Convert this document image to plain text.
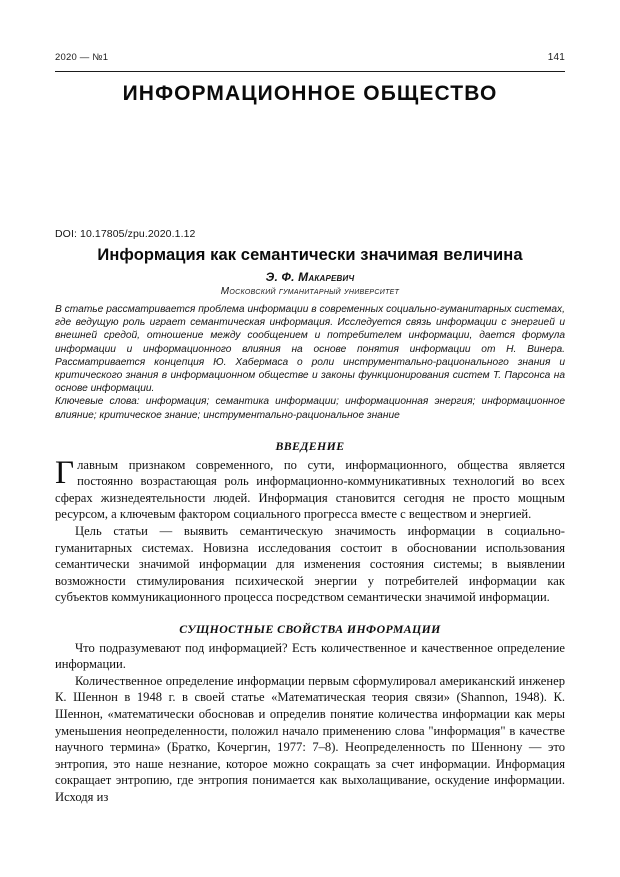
2020 — №1	141
ИНФОРМАЦИОННОЕ ОБЩЕСТВО
DOI: 10.17805/zpu.2020.1.12
Информация как семантически значимая величина
Э. Ф. Макаревич
Московский гуманитарный университет

В статье рассматривается проблема информации в современных социально-гуманитарных системах, где ведущую роль играет семантическая информация. Исследуется связь информации с энергией и внешней средой, отношение между сообщением и потребителем информации, дается формула информации и информационного влияния на основе понятия информации от Н. Винера. Рассматривается концепция Ю. Хабермаса о роли инструментально-рационального знания и критического знания в информационном обществе и законы функционирования систем Т. Парсонса на основе информации.

Ключевые слова: информация; семантика информации; информационная энергия; информационное влияние; критическое знание; инструментально-рациональное знание

ВВЕДЕНИЕ

Главным признаком современного, по сути, информационного, общества является постоянно возрастающая роль информационно-коммуникативных технологий во всех сферах жизнедеятельности людей. Информация становится сегодня не просто мощным ресурсом, а ключевым фактором социального прогресса вместе с веществом и энергией.

Цель статьи — выявить семантическую значимость информации в социально-гуманитарных системах. Новизна исследования состоит в обосновании использования семантически значимой информации для изменения состояния системы; в выявлении возможности стимулирования психической энергии у потребителей информации как субъектов коммуникационного процесса посредством семантически значимой информации.

СУЩНОСТНЫЕ СВОЙСТВА ИНФОРМАЦИИ

Что подразумевают под информацией? Есть количественное и качественное определение информации.

Количественное определение информации первым сформулировал американский инженер К. Шеннон в 1948 г. в своей статье «Математическая теория связи» (Shannon, 1948). К. Шеннон, «математически обосновав и определив понятие количества информации как меры уменьшения неопределенности, положил начало применению слова "информация" в качестве научного термина» (Братко, Кочергин, 1977: 7–8). Неопределенность по Шеннону — это энтропия, это наше незнание, которое можно сокращать за счет информации. Информация сокращает энтропию, где энтропия понимается как выхолащивание, оскудение информации. Исходя из
